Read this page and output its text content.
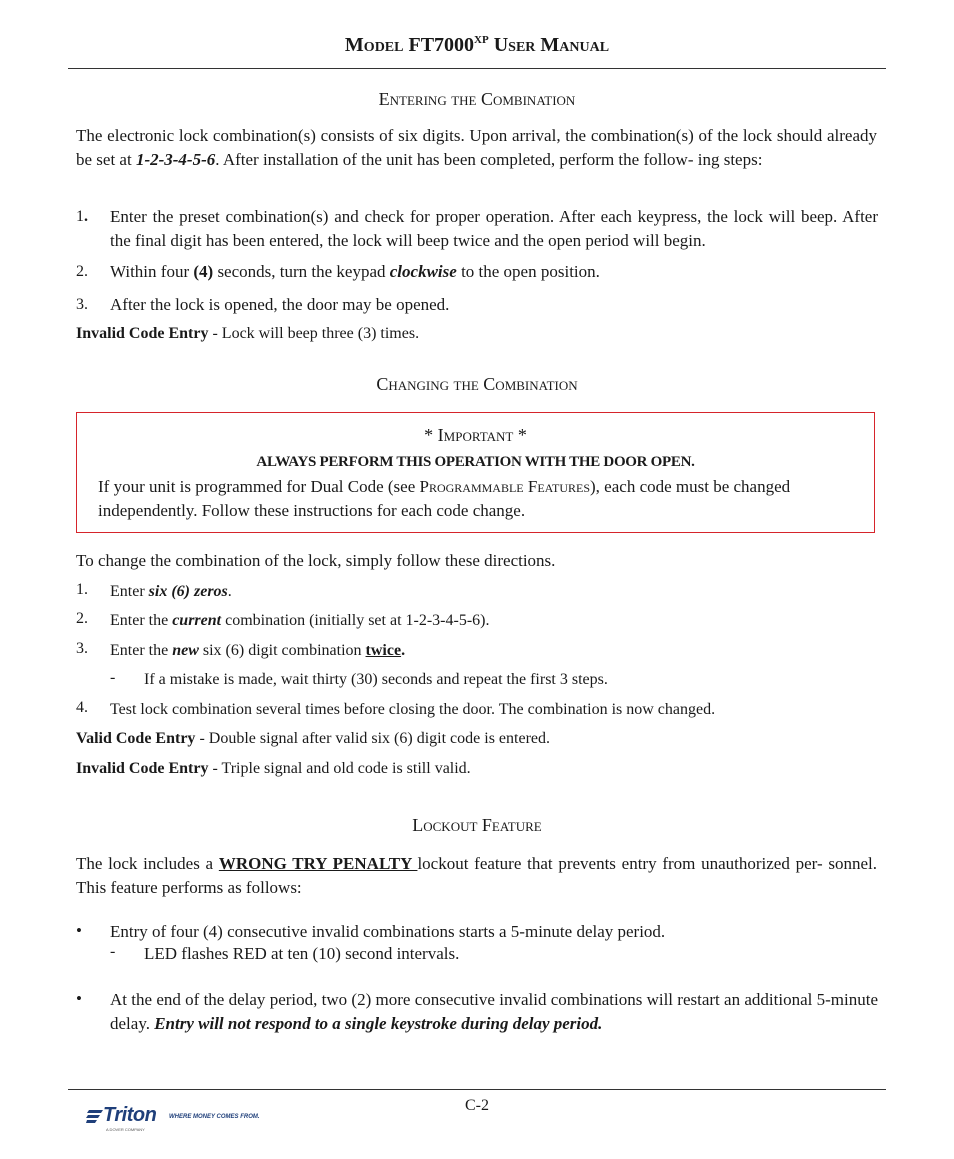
Model $FT7000^{XP}$ User Manual
Entering the Combination
The electronic lock combination(s) consists of six digits. Upon arrival, the combination(s) of the lock should already be set at 1-2-3-4-5-6. After installation of the unit has been completed, perform the follow- ing steps:
1. Enter the preset combination(s) and check for proper operation. After each keypress, the lock will beep. After the final digit has been entered, the lock will beep twice and the open period will begin.
2. Within four (4) seconds, turn the keypad clockwise to the open position.
3. After the lock is opened, the door may be opened.
Invalid Code Entry - Lock will beep three (3) times.
Changing the Combination
* Important *
ALWAYS PERFORM THIS OPERATION WITH THE DOOR OPEN.
If your unit is programmed for Dual Code (see Programmable Features), each code must be changed independently. Follow these instructions for each code change.
To change the combination of the lock, simply follow these directions.
1. Enter six (6) zeros.
2. Enter the current combination (initially set at 1-2-3-4-5-6).
3. Enter the new six (6) digit combination twice.
- If a mistake is made, wait thirty (30) seconds and repeat the first 3 steps.
4. Test lock combination several times before closing the door. The combination is now changed.
Valid Code Entry - Double signal after valid six (6) digit code is entered.
Invalid Code Entry - Triple signal and old code is still valid.
Lockout Feature
The lock includes a WRONG TRY PENALTY lockout feature that prevents entry from unauthorized per- sonnel. This feature performs as follows:
• Entry of four (4) consecutive invalid combinations starts a 5-minute delay period.
- LED flashes RED at ten (10) second intervals.
• At the end of the delay period, two (2) more consecutive invalid combinations will restart an additional 5-minute delay. Entry will not respond to a single keystroke during delay period.
C-2
Triton WHERE MONEY COMES FROM.
A DOVER COMPANY
